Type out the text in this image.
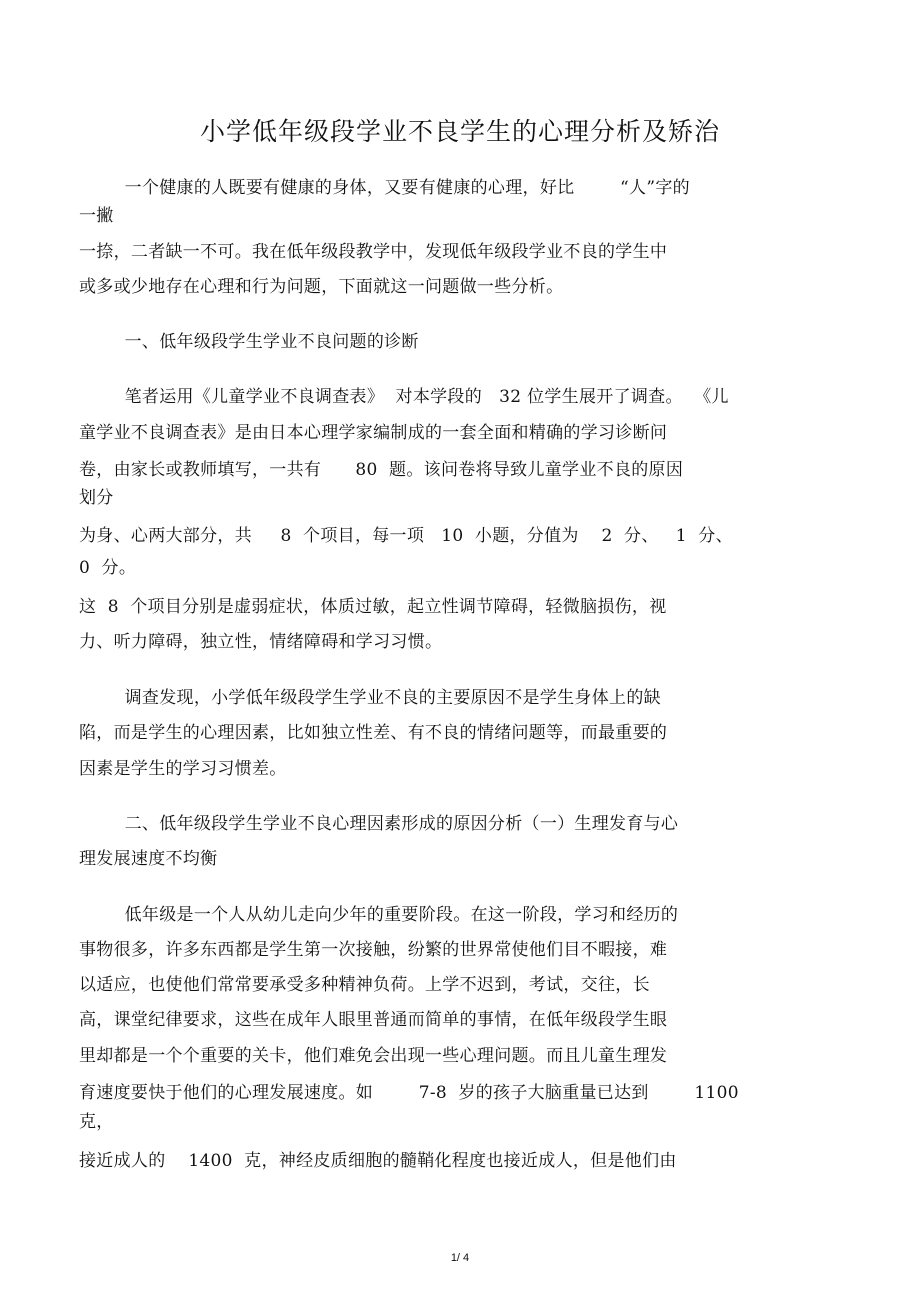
小学低年级段学业不良学生的心理分析及矫治
一个健康的人既要有健康的身体，又要有健康的心理，好比        “人”字的
一撇
一捺，二者缺一不可。我在低年级段教学中，发现低年级段学业不良的学生中
或多或少地存在心理和行为问题，下面就这一问题做一些分析。
一、低年级段学生学业不良问题的诊断
笔者运用《儿童学业不良调查表》  对本学段的   32 位学生展开了调查。  《儿
童学业不良调查表》是由日本心理学家编制成的一套全面和精确的学习诊断问
卷，由家长或教师填写，一共有      80  题。该问卷将导致儿童学业不良的原因
划分
为身、心两大部分，共     8  个项目，每一项   10  小题，分值为    2  分、   1  分、
0  分。
这  8  个项目分别是虚弱症状，体质过敏，起立性调节障碍，轻微脑损伤，视
力、听力障碍，独立性，情绪障碍和学习习惯。
调查发现，小学低年级段学生学业不良的主要原因不是学生身体上的缺
陷，而是学生的心理因素，比如独立性差、有不良的情绪问题等，而最重要的
因素是学生的学习习惯差。
二、低年级段学生学业不良心理因素形成的原因分析（一）生理发育与心
理发展速度不均衡
低年级是一个人从幼儿走向少年的重要阶段。在这一阶段，学习和经历的
事物很多，许多东西都是学生第一次接触，纷繁的世界常使他们目不暇接，难
以适应，也使他们常常要承受多种精神负荷。上学不迟到，考试，交往，长
高，课堂纪律要求，这些在成年人眼里普通而简单的事情，在低年级段学生眼
里却都是一个个重要的关卡，他们难免会出现一些心理问题。而且儿童生理发
育速度要快于他们的心理发展速度。如        7-8  岁的孩子大脑重量已达到        1100
克，
接近成人的    1400  克，神经皮质细胞的髓鞘化程度也接近成人，但是他们由
1/ 4
